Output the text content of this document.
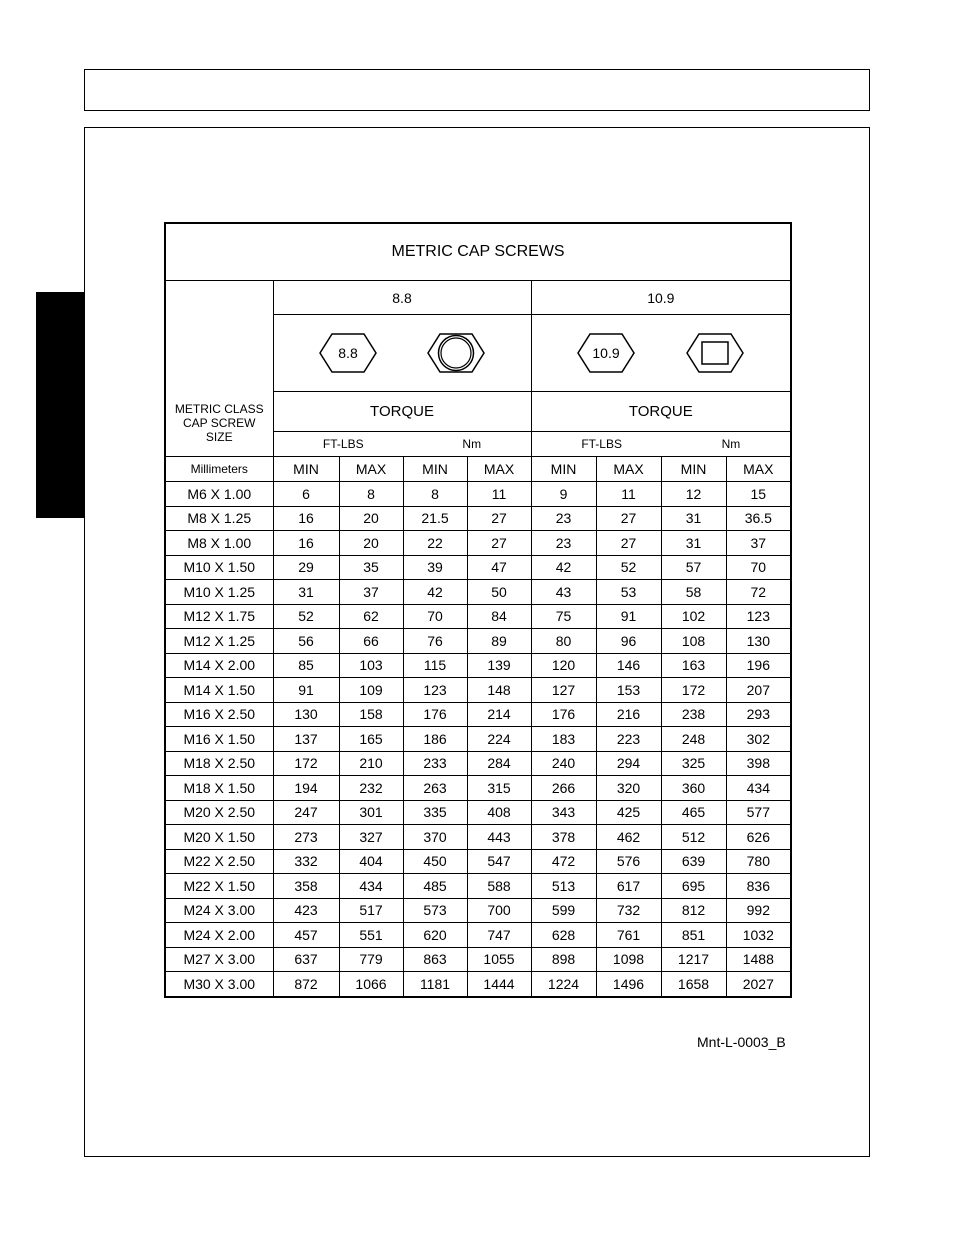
METRIC CAP SCREWS								

METRIC CLASS
CAP SCREW
SIZE	8.8				10.9			

8.8				10.9			

	TORQUE				TORQUE			

	FT-LBS Nm				FT-LBS Nm			

Millimeters	MIN	MAX	MIN	MAX	MIN	MAX	MIN	MAX
M6 X 1.00	6	8	8	11	9	11	12	15
M8 X 1.25	16	20	21.5	27	23	27	31	36.5
M8 X 1.00	16	20	22	27	23	27	31	37
M10 X 1.50	29	35	39	47	42	52	57	70
M10 X 1.25	31	37	42	50	43	53	58	72
M12 X 1.75	52	62	70	84	75	91	102	123
M12 X 1.25	56	66	76	89	80	96	108	130
M14 X 2.00	85	103	115	139	120	146	163	196
M14 X 1.50	91	109	123	148	127	153	172	207
M16 X 2.50	130	158	176	214	176	216	238	293
M16 X 1.50	137	165	186	224	183	223	248	302
M18 X 2.50	172	210	233	284	240	294	325	398
M18 X 1.50	194	232	263	315	266	320	360	434
M20 X 2.50	247	301	335	408	343	425	465	577
M20 X 1.50	273	327	370	443	378	462	512	626
M22 X 2.50	332	404	450	547	472	576	639	780
M22 X 1.50	358	434	485	588	513	617	695	836
M24 X 3.00	423	517	573	700	599	732	812	992
M24 X 2.00	457	551	620	747	628	761	851	1032
M27 X 3.00	637	779	863	1055	898	1098	1217	1488
M30 X 3.00	872	1066	1181	1444	1224	1496	1658	2027
Mnt-L-0003_B
